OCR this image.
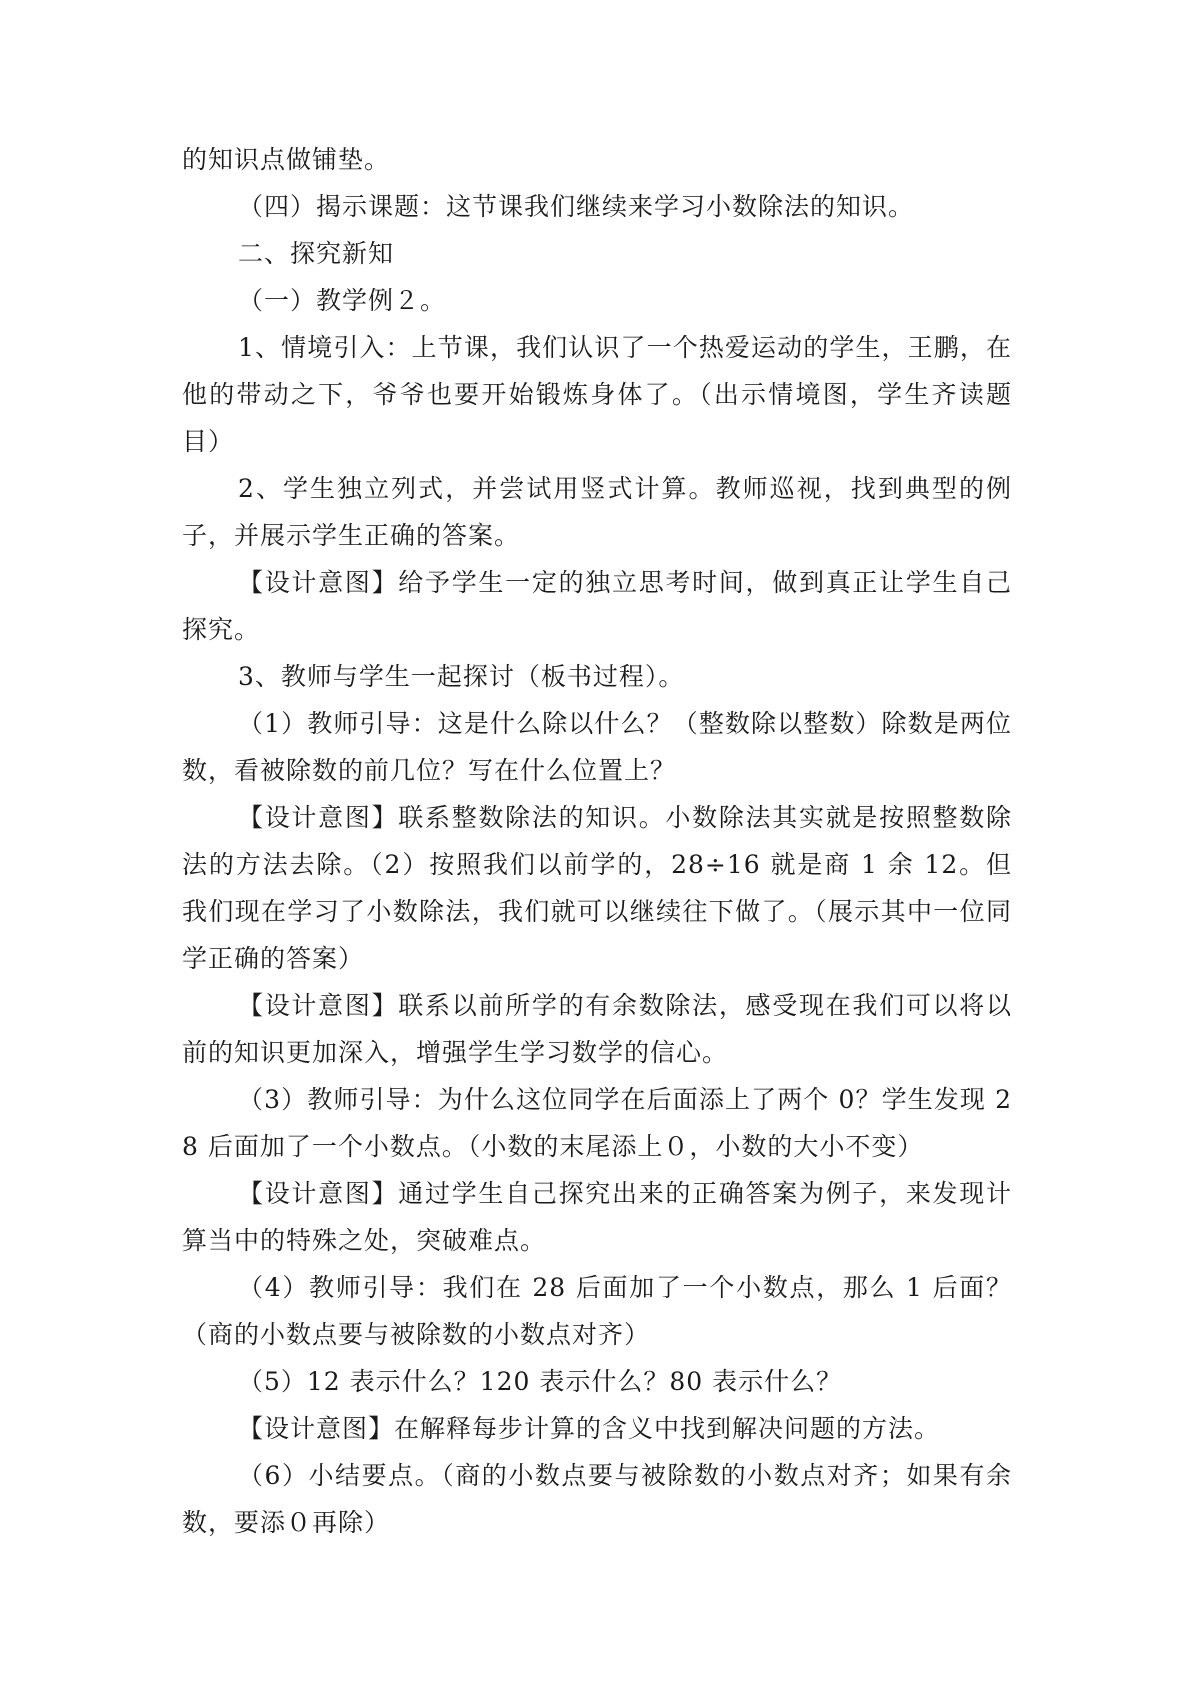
的知识点做铺垫。

（四）揭示课题：这节课我们继续来学习小数除法的知识。

二、探究新知

（一）教学例２。

1、情境引入：上节课，我们认识了一个热爱运动的学生，王鹏，在他的带动之下，爷爷也要开始锻炼身体了。（出示情境图，学生齐读题目）

2、学生独立列式，并尝试用竖式计算。教师巡视，找到典型的例子，并展示学生正确的答案。

【设计意图】给予学生一定的独立思考时间，做到真正让学生自己探究。

3、教师与学生一起探讨（板书过程）。

（1）教师引导：这是什么除以什么？（整数除以整数）除数是两位数，看被除数的前几位？写在什么位置上？

【设计意图】联系整数除法的知识。小数除法其实就是按照整数除法的方法去除。（2）按照我们以前学的，28÷16 就是商 1 余 12。但我们现在学习了小数除法，我们就可以继续往下做了。（展示其中一位同学正确的答案）

【设计意图】联系以前所学的有余数除法，感受现在我们可以将以前的知识更加深入，增强学生学习数学的信心。

（3）教师引导：为什么这位同学在后面添上了两个 0？学生发现 28 后面加了一个小数点。（小数的末尾添上０，小数的大小不变）

【设计意图】通过学生自己探究出来的正确答案为例子，来发现计算当中的特殊之处，突破难点。

（4）教师引导：我们在 28 后面加了一个小数点，那么 1 后面？（商的小数点要与被除数的小数点对齐）

（5）12 表示什么？120 表示什么？80 表示什么？

【设计意图】在解释每步计算的含义中找到解决问题的方法。

（6）小结要点。（商的小数点要与被除数的小数点对齐；如果有余数，要添０再除）
